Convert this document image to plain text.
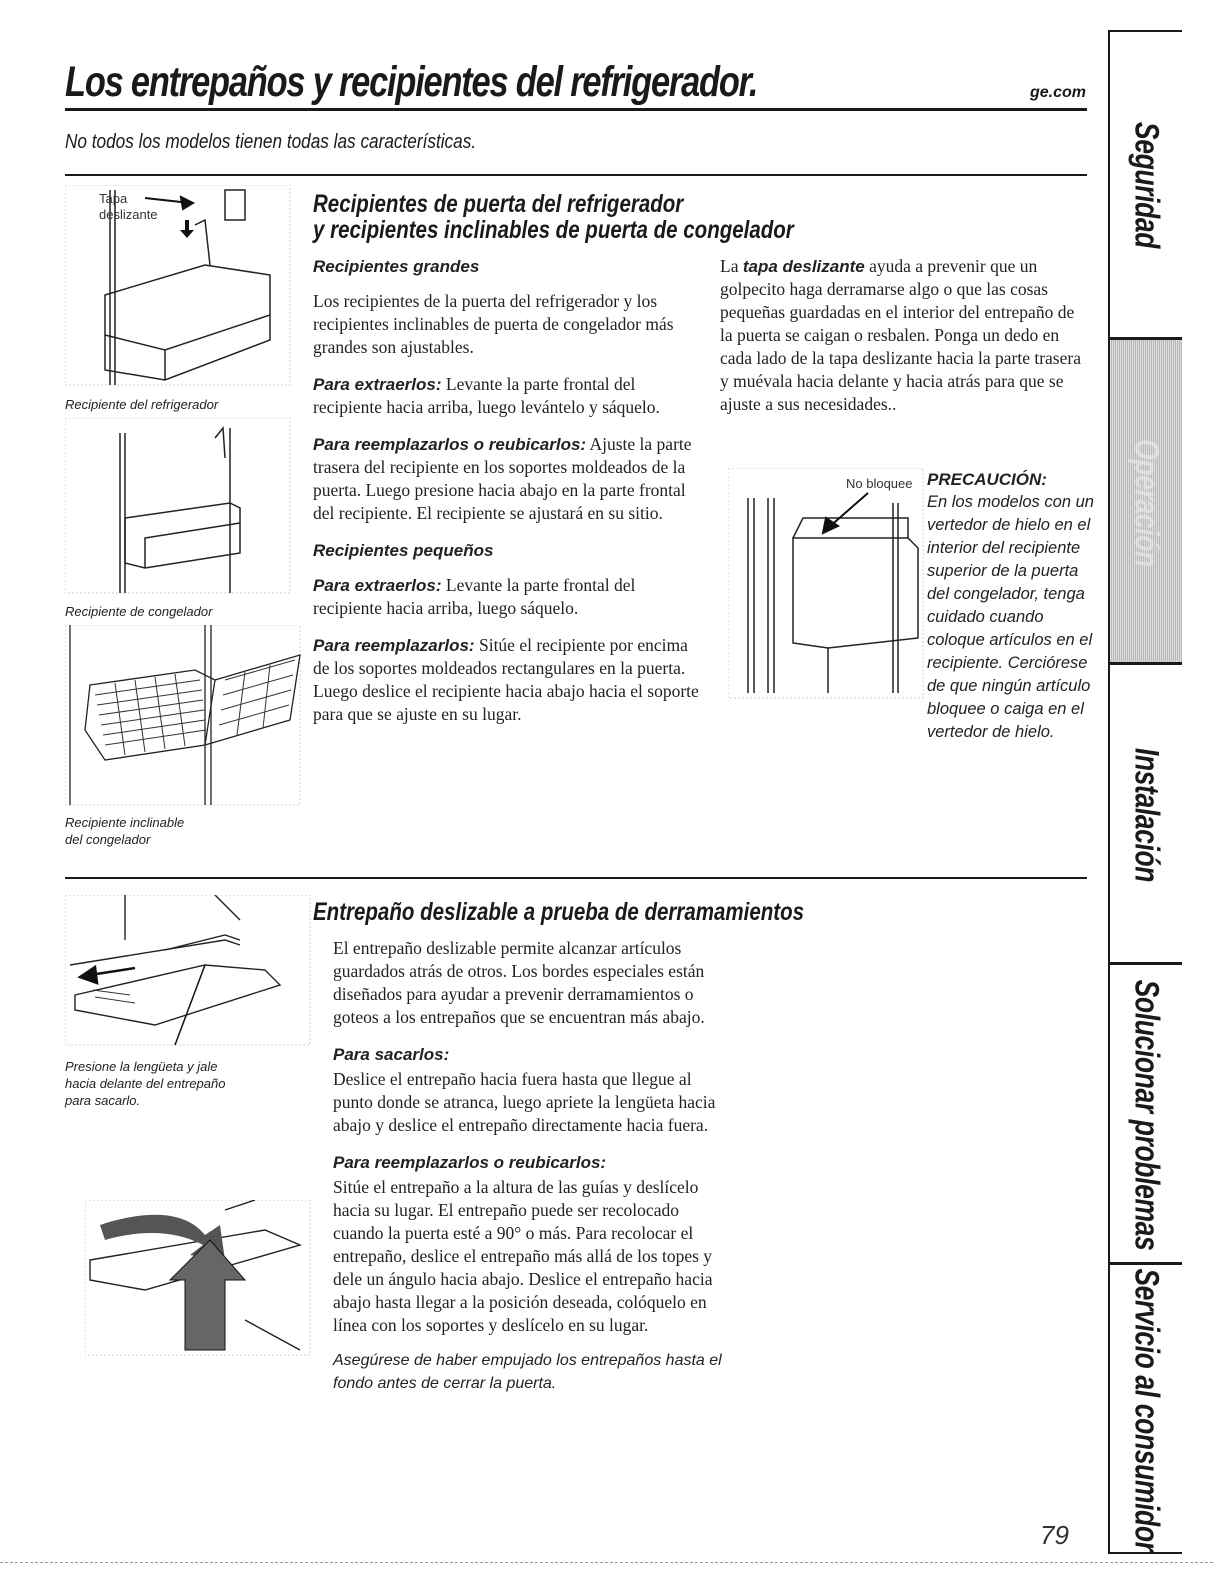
Los entrepaños y recipientes del refrigerador.	ge.com
No todos los modelos tienen todas las características.	Seguridad
Operación
Instalación
Solucionar problemas
Servicio al consumidor
Recipientes de puerta del refrigerador
y recipientes inclinables de puerta de congelador
Tapa
deslizante
Recipiente del refrigerador
Recipiente de congelador
Recipiente inclinable
del congelador

Recipientes grandes

Los recipientes de la puerta del refrigerador y los recipientes inclinables de puerta de congelador más grandes son ajustables.

Para extraerlos: Levante la parte frontal del recipiente hacia arriba, luego levántelo y sáquelo.

Para reemplazarlos o reubicarlos: Ajuste la parte trasera del recipiente en los soportes moldeados de la puerta. Luego presione hacia abajo en la parte frontal del recipiente. El recipiente se ajustará en su sitio.

Recipientes pequeños

Para extraerlos: Levante la parte frontal del recipiente hacia arriba, luego sáquelo.

Para reemplazarlos: Sitúe el recipiente por encima de los soportes moldeados rectangulares en la puerta. Luego deslice el recipiente hacia abajo hacia el soporte para que se ajuste en su lugar.

La tapa deslizante ayuda a prevenir que un golpecito haga derramarse algo o que las cosas pequeñas guardadas en el interior del entrepaño de la puerta se caigan o resbalen. Ponga un dedo en cada lado de la tapa deslizante hacia la parte trasera y muévala hacia delante y hacia atrás para que se ajuste a sus necesidades..

No bloquee PRECAUCIÓN:
En los modelos con un vertedor de hielo en el interior del recipiente superior de la puerta del congelador, tenga cuidado cuando coloque artículos en el recipiente. Cerciórese de que ningún artículo bloquee o caiga en el vertedor de hielo.
Entrepaño deslizable a prueba de derramamientos
Presione la lengüeta y jale
hacia delante del entrepaño
para sacarlo.

El entrepaño deslizable permite alcanzar artículos guardados atrás de otros. Los bordes especiales están diseñados para ayudar a prevenir derramamientos o goteos a los entrepaños que se encuentran más abajo.

Para sacarlos:

Deslice el entrepaño hacia fuera hasta que llegue al punto donde se atranca, luego apriete la lengüeta hacia abajo y deslice el entrepaño directamente hacia fuera.

Para reemplazarlos o reubicarlos:

Sitúe el entrepaño a la altura de las guías y deslícelo hacia su lugar. El entrepaño puede ser recolocado cuando la puerta esté a 90° o más. Para recolocar el entrepaño, deslice el entrepaño más allá de los topes y dele un ángulo hacia abajo. Deslice el entrepaño hacia abajo hasta llegar a la posición deseada, colóquelo en línea con los soportes y deslícelo en su lugar.

Asegúrese de haber empujado los entrepaños hasta el fondo antes de cerrar la puerta.

79
